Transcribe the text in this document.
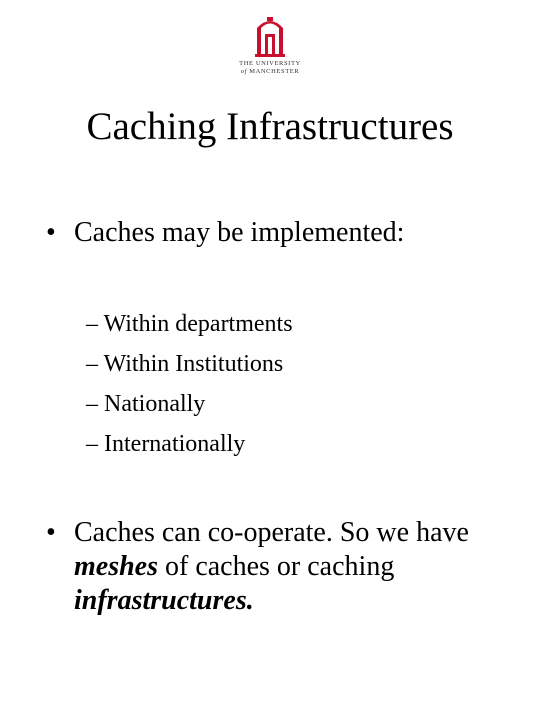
THE UNIVERSITY
of MANCHESTER
Caching Infrastructures
• Caches may be implemented:
– Within departments
– Within Institutions
– Nationally
– Internationally
• Caches can co-operate. So we have meshes of caches or caching infrastructures.
